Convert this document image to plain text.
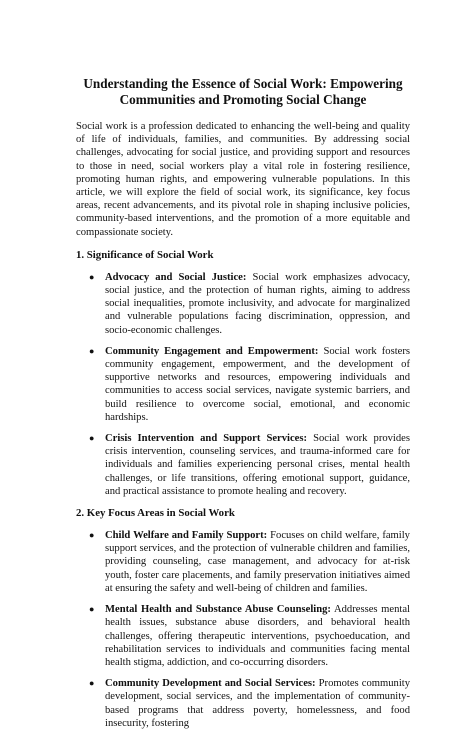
Understanding the Essence of Social Work: Empowering
Communities and Promoting Social Change

Social work is a profession dedicated to enhancing the well-being and quality of life of individuals, families, and communities. By addressing social challenges, advocating for social justice, and providing support and resources to those in need, social workers play a vital role in fostering resilience, promoting human rights, and empowering vulnerable populations. In this article, we will explore the field of social work, its significance, key focus areas, recent advancements, and its pivotal role in shaping inclusive policies, community-based interventions, and the promotion of a more equitable and compassionate society.

1. Significance of Social Work
● Advocacy and Social Justice: Social work emphasizes advocacy, social justice, and the protection of human rights, aiming to address social inequalities, promote inclusivity, and advocate for marginalized and vulnerable populations facing discrimination, oppression, and socio-economic challenges.
● Community Engagement and Empowerment: Social work fosters community engagement, empowerment, and the development of supportive networks and resources, empowering individuals and communities to access social services, navigate systemic barriers, and build resilience to overcome social, emotional, and economic hardships.
● Crisis Intervention and Support Services: Social work provides crisis intervention, counseling services, and trauma-informed care for individuals and families experiencing personal crises, mental health challenges, or life transitions, offering emotional support, guidance, and practical assistance to promote healing and recovery.
2. Key Focus Areas in Social Work
● Child Welfare and Family Support: Focuses on child welfare, family support services, and the protection of vulnerable children and families, providing counseling, case management, and advocacy for at-risk youth, foster care placements, and family preservation initiatives aimed at ensuring the safety and well-being of children and families.
● Mental Health and Substance Abuse Counseling: Addresses mental health issues, substance abuse disorders, and behavioral health challenges, offering therapeutic interventions, psychoeducation, and rehabilitation services to individuals and communities facing mental health stigma, addiction, and co-occurring disorders.
● Community Development and Social Services: Promotes community development, social services, and the implementation of community-based programs that address poverty, homelessness, and food insecurity, fostering
